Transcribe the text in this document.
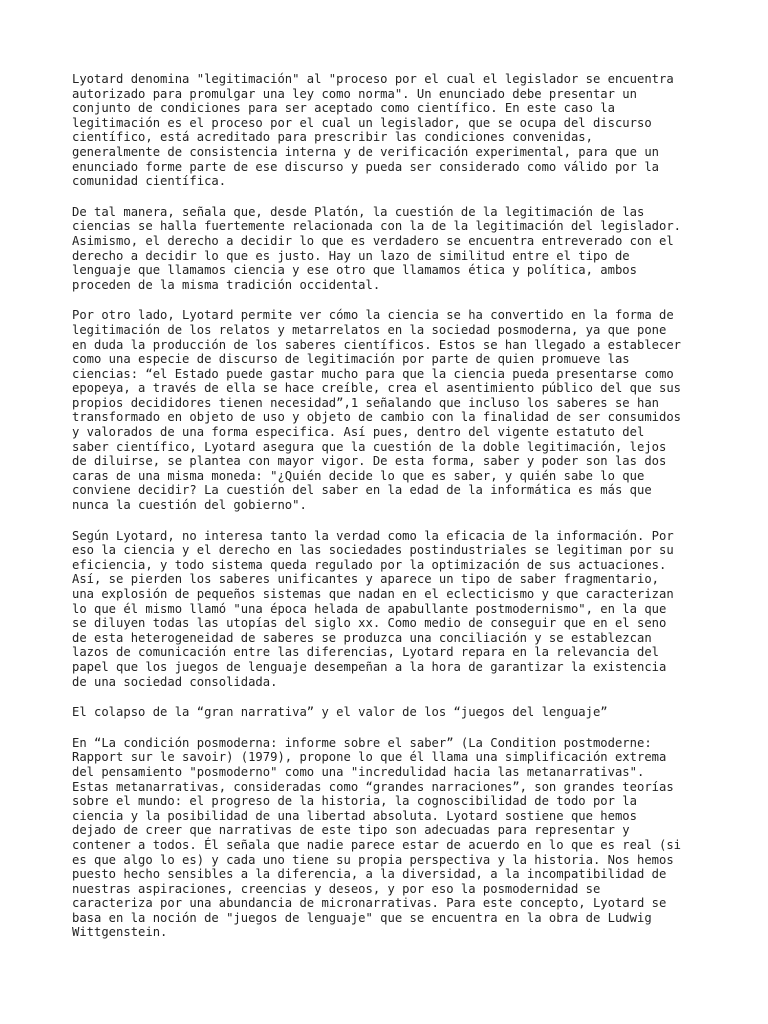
Lyotard denomina "legitimación" al "proceso por el cual el legislador se encuentra
autorizado para promulgar una ley como norma". Un enunciado debe presentar un
conjunto de condiciones para ser aceptado como científico. En este caso la
legitimación es el proceso por el cual un legislador, que se ocupa del discurso
científico, está acreditado para prescribir las condiciones convenidas,
generalmente de consistencia interna y de verificación experimental, para que un
enunciado forme parte de ese discurso y pueda ser considerado como válido por la
comunidad científica.

De tal manera, señala que, desde Platón, la cuestión de la legitimación de las
ciencias se halla fuertemente relacionada con la de la legitimación del legislador.
Asimismo, el derecho a decidir lo que es verdadero se encuentra entreverado con el
derecho a decidir lo que es justo. Hay un lazo de similitud entre el tipo de
lenguaje que llamamos ciencia y ese otro que llamamos ética y política, ambos
proceden de la misma tradición occidental.

Por otro lado, Lyotard permite ver cómo la ciencia se ha convertido en la forma de
legitimación de los relatos y metarrelatos en la sociedad posmoderna, ya que pone
en duda la producción de los saberes científicos. Estos se han llegado a establecer
como una especie de discurso de legitimación por parte de quien promueve las
ciencias: “el Estado puede gastar mucho para que la ciencia pueda presentarse como
epopeya, a través de ella se hace creíble, crea el asentimiento público del que sus
propios decididores tienen necesidad”,1 señalando que incluso los saberes se han
transformado en objeto de uso y objeto de cambio con la finalidad de ser consumidos
y valorados de una forma especifica. Así pues, dentro del vigente estatuto del
saber científico, Lyotard asegura que la cuestión de la doble legitimación, lejos
de diluirse, se plantea con mayor vigor. De esta forma, saber y poder son las dos
caras de una misma moneda: "¿Quién decide lo que es saber, y quién sabe lo que
conviene decidir? La cuestión del saber en la edad de la informática es más que
nunca la cuestión del gobierno".

Según Lyotard, no interesa tanto la verdad como la eficacia de la información. Por
eso la ciencia y el derecho en las sociedades postindustriales se legitiman por su
eficiencia, y todo sistema queda regulado por la optimización de sus actuaciones.
Así, se pierden los saberes unificantes y aparece un tipo de saber fragmentario,
una explosión de pequeños sistemas que nadan en el eclecticismo y que caracterizan
lo que él mismo llamó "una época helada de apabullante postmodernismo", en la que
se diluyen todas las utopías del siglo xx. Como medio de conseguir que en el seno
de esta heterogeneidad de saberes se produzca una conciliación y se establezcan
lazos de comunicación entre las diferencias, Lyotard repara en la relevancia del
papel que los juegos de lenguaje desempeñan a la hora de garantizar la existencia
de una sociedad consolidada.

El colapso de la “gran narrativa” y el valor de los “juegos del lenguaje”

En “La condición posmoderna: informe sobre el saber” (La Condition postmoderne:
Rapport sur le savoir) (1979), propone lo que él llama una simplificación extrema
del pensamiento "posmoderno" como una "incredulidad hacia las metanarrativas".
Estas metanarrativas, consideradas como “grandes narraciones”, son grandes teorías
sobre el mundo: el progreso de la historia, la cognoscibilidad de todo por la
ciencia y la posibilidad de una libertad absoluta. Lyotard sostiene que hemos
dejado de creer que narrativas de este tipo son adecuadas para representar y
contener a todos. Él señala que nadie parece estar de acuerdo en lo que es real (si
es que algo lo es) y cada uno tiene su propia perspectiva y la historia. Nos hemos
puesto hecho sensibles a la diferencia, a la diversidad, a la incompatibilidad de
nuestras aspiraciones, creencias y deseos, y por eso la posmodernidad se
caracteriza por una abundancia de micronarrativas. Para este concepto, Lyotard se
basa en la noción de "juegos de lenguaje" que se encuentra en la obra de Ludwig
Wittgenstein.
